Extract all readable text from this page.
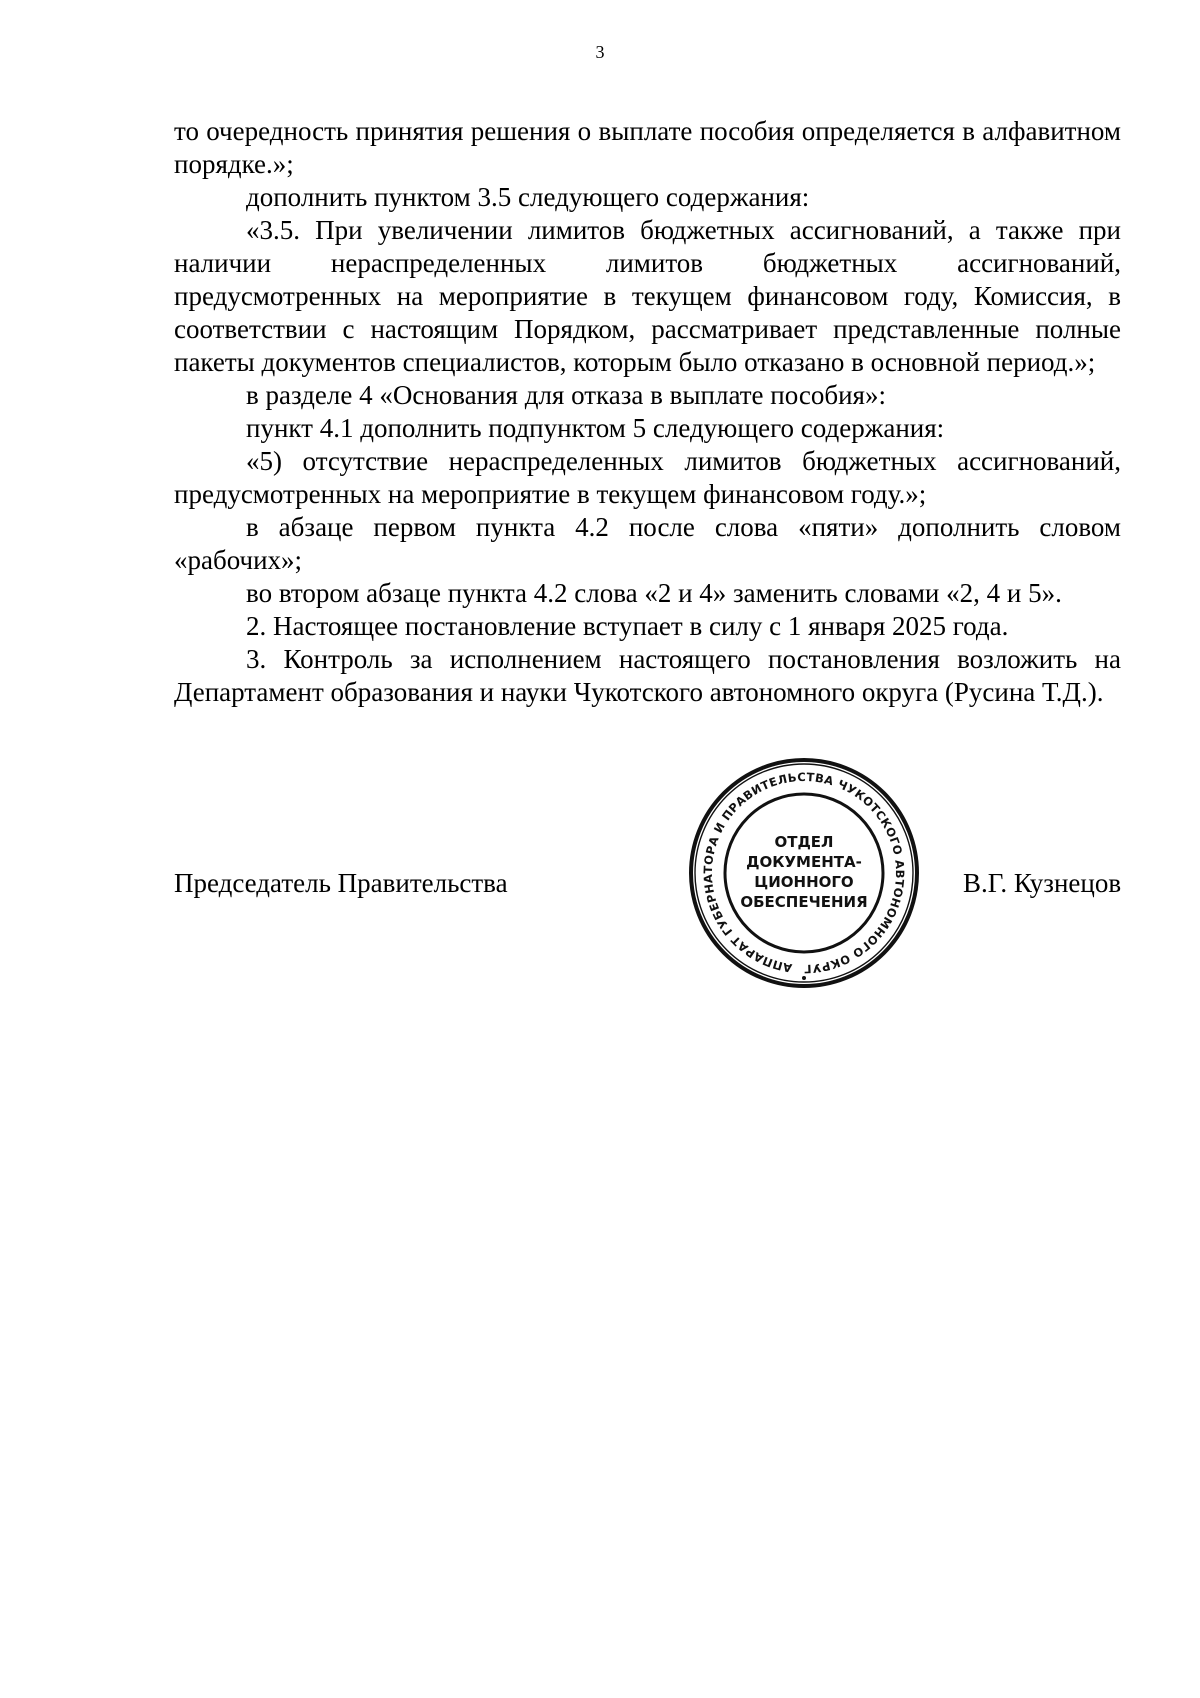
3

то очередность принятия решения о выплате пособия определяется в алфавитном порядке.»;

дополнить пунктом 3.5 следующего содержания:

«3.5. При увеличении лимитов бюджетных ассигнований, а также при наличии нераспределенных лимитов бюджетных ассигнований, предусмотренных на мероприятие в текущем финансовом году, Комиссия, в соответствии с настоящим Порядком, рассматривает представленные полные пакеты документов специалистов, которым было отказано в основной период.»;

в разделе 4 «Основания для отказа в выплате пособия»:

пункт 4.1 дополнить подпунктом 5 следующего содержания:

«5) отсутствие нераспределенных лимитов бюджетных ассигнований, предусмотренных на мероприятие в текущем финансовом году.»;

в абзаце первом пункта 4.2 после слова «пяти» дополнить словом «рабочих»;

во втором абзаце пункта 4.2 слова «2 и 4» заменить словами «2, 4 и 5».

2. Настоящее постановление вступает в силу с 1 января 2025 года.

3. Контроль за исполнением настоящего постановления возложить на Департамент образования и науки Чукотского автономного округа (Русина Т.Д.).

Председатель Правительства
АППАРАТ ГУБЕРНАТОРА И ПРАВИТЕЛЬСТВА ЧУКОТСКОГО АВТОНОМНОГО ОКРУГ
ОТДЕЛ
ДОКУМЕНТА-
ЦИОННОГО
ОБЕСПЕЧЕНИЯ
В.Г. Кузнецов
